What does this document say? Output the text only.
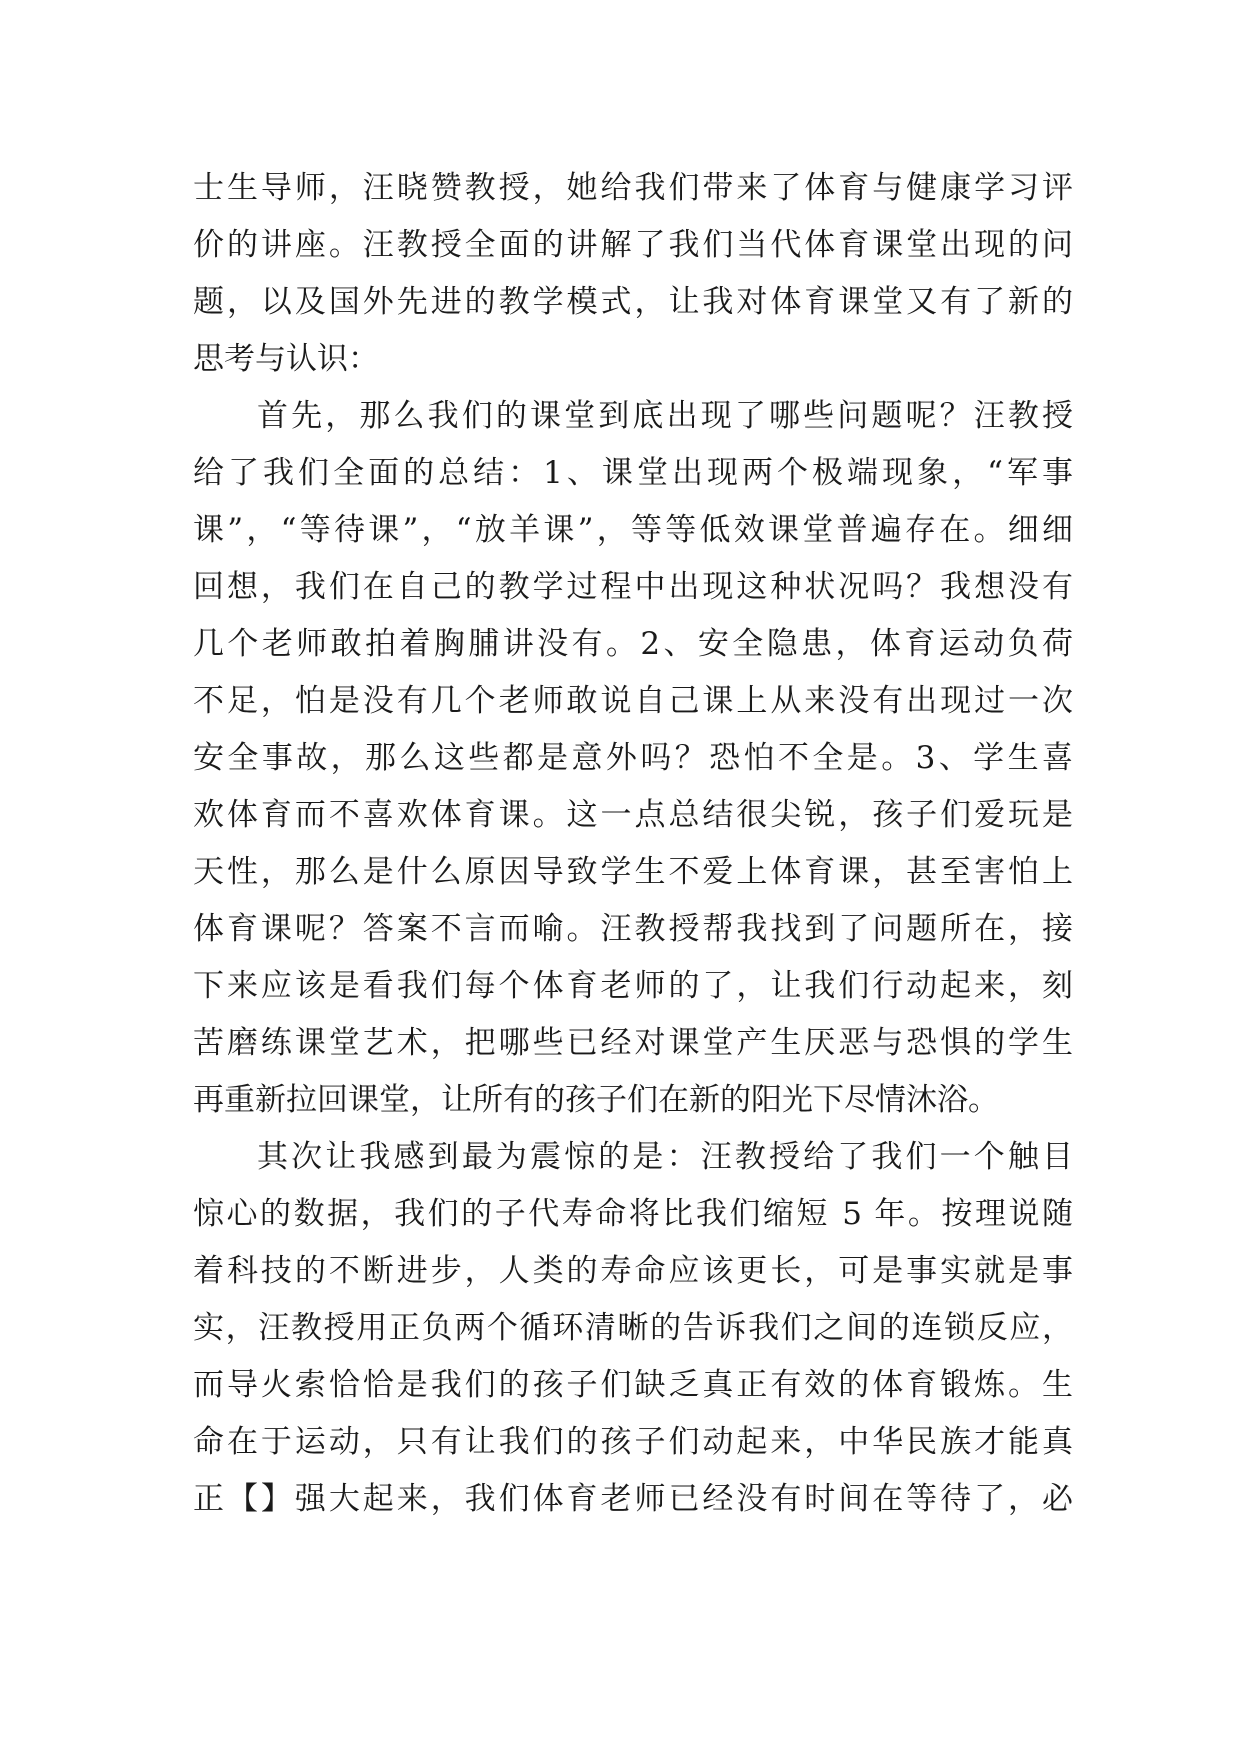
士生导师，汪晓赞教授，她给我们带来了体育与健康学习评
价的讲座。汪教授全面的讲解了我们当代体育课堂出现的问
题，以及国外先进的教学模式，让我对体育课堂又有了新的
思考与认识：
首先，那么我们的课堂到底出现了哪些问题呢？汪教授
给了我们全面的总结：1、课堂出现两个极端现象，“军事
课”，“等待课”，“放羊课”，等等低效课堂普遍存在。细细
回想，我们在自己的教学过程中出现这种状况吗？我想没有
几个老师敢拍着胸脯讲没有。2、安全隐患，体育运动负荷
不足，怕是没有几个老师敢说自己课上从来没有出现过一次
安全事故，那么这些都是意外吗？恐怕不全是。3、学生喜
欢体育而不喜欢体育课。这一点总结很尖锐，孩子们爱玩是
天性，那么是什么原因导致学生不爱上体育课，甚至害怕上
体育课呢？答案不言而喻。汪教授帮我找到了问题所在，接
下来应该是看我们每个体育老师的了，让我们行动起来，刻
苦磨练课堂艺术，把哪些已经对课堂产生厌恶与恐惧的学生
再重新拉回课堂，让所有的孩子们在新的阳光下尽情沐浴。
其次让我感到最为震惊的是：汪教授给了我们一个触目
惊心的数据，我们的子代寿命将比我们缩短 5 年。按理说随
着科技的不断进步，人类的寿命应该更长，可是事实就是事
实，汪教授用正负两个循环清晰的告诉我们之间的连锁反应，
而导火索恰恰是我们的孩子们缺乏真正有效的体育锻炼。生
命在于运动，只有让我们的孩子们动起来，中华民族才能真
正【】强大起来，我们体育老师已经没有时间在等待了，必
